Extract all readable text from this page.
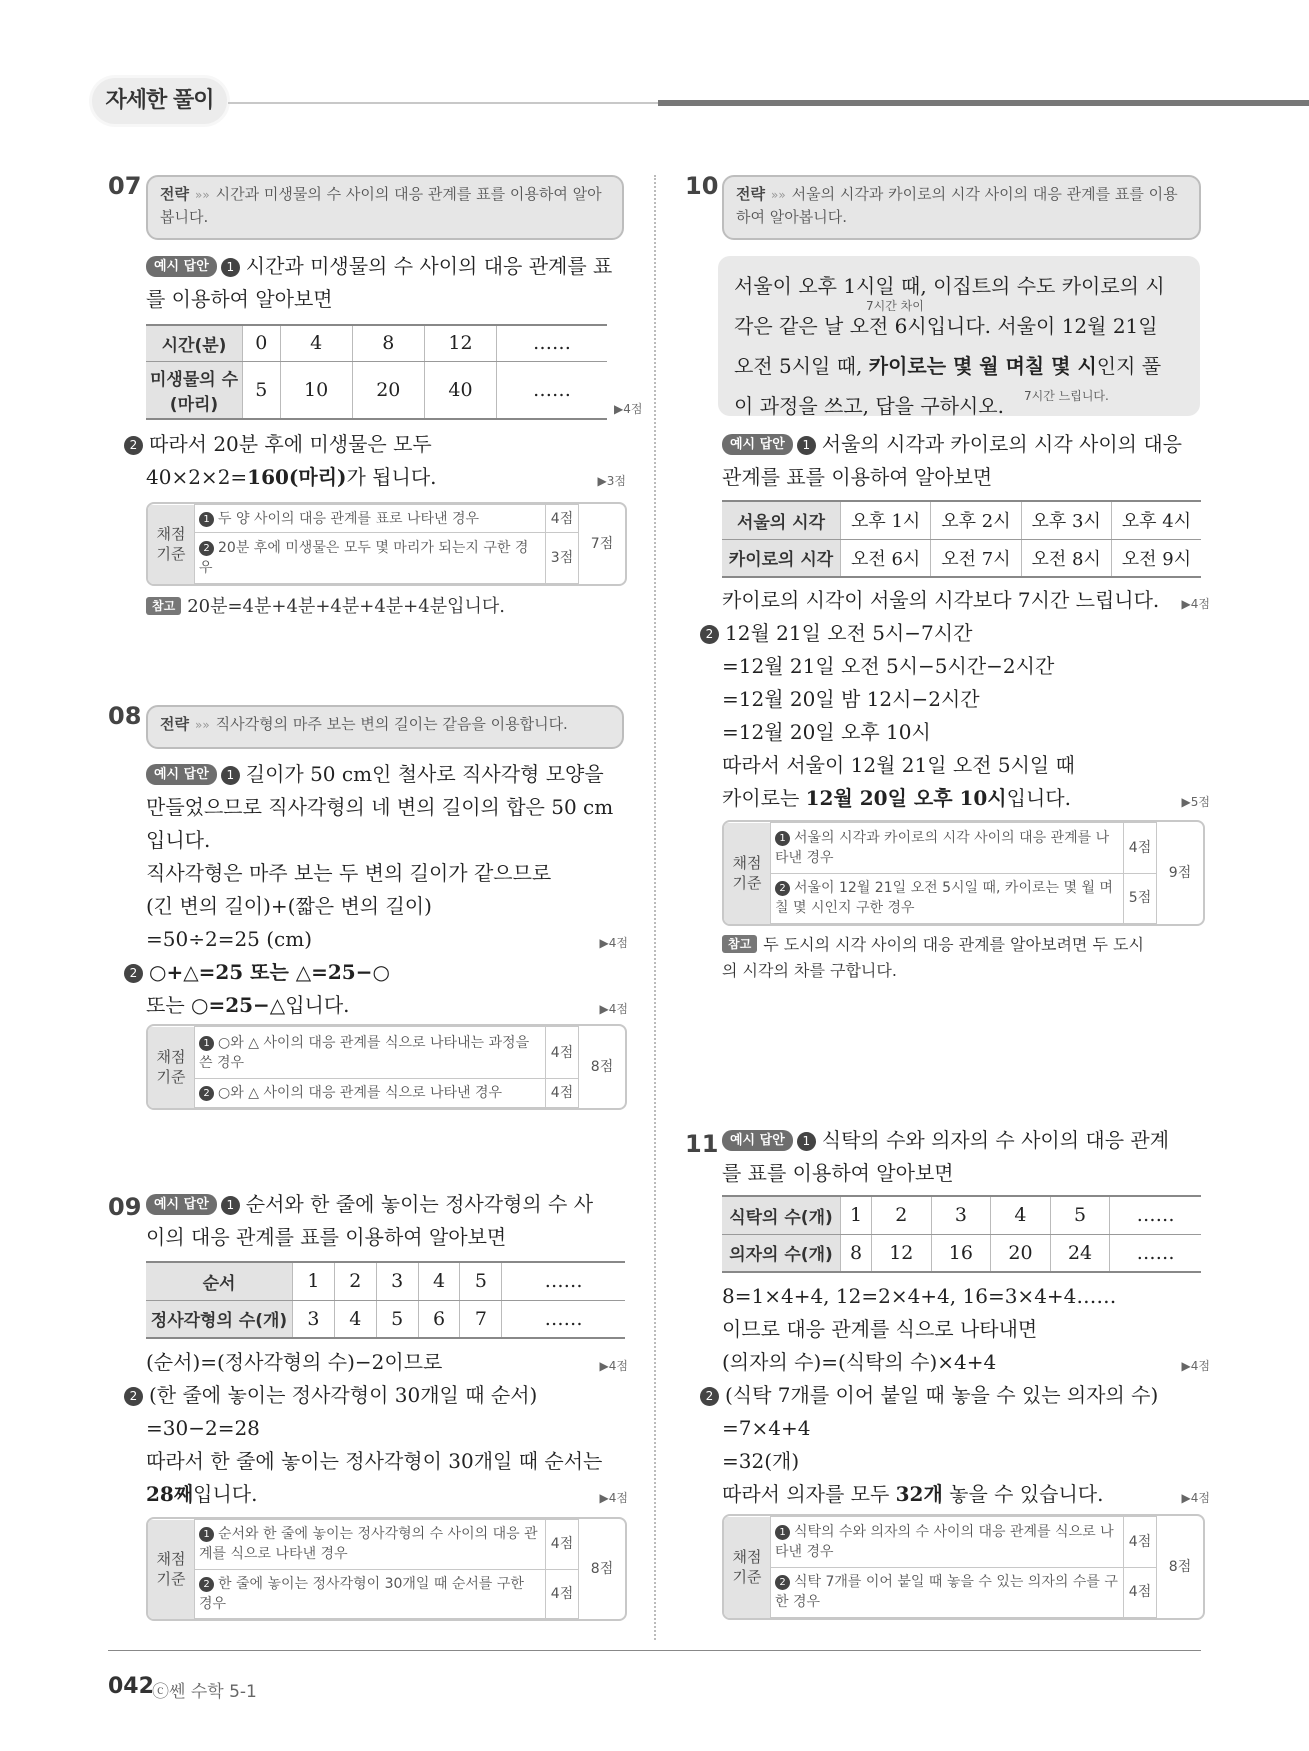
자세한 풀이
07	전략 »» 시간과 미생물의 수 사이의 대응 관계를 표를 이용하여 알아봅니다.

예시 답안 1 시간과 미생물의 수 사이의 대응 관계를 표를 이용하여 알아보면

시간(분)	0	4	8	12	……
미생물의 수(마리)	5	10	20	40	……
▶4점

2 따라서 20분 후에 미생물은 모두

40×2×2=160(마리)가 됩니다.	▶3점

채점 기준	1 두 양 사이의 대응 관계를 표로 나타낸 경우	4점	7점
	2 20분 후에 미생물은 모두 몇 마리가 되는지 구한 경우	3점	
참고 20분=4분+4분+4분+4분+4분입니다.
08	전략 »» 직사각형의 마주 보는 변의 길이는 같음을 이용합니다.

예시 답안 1 길이가 50 cm인 철사로 직사각형 모양을

만들었으므로 직사각형의 네 변의 길이의 합은 50 cm

입니다.

직사각형은 마주 보는 두 변의 길이가 같으므로

(긴 변의 길이)+(짧은 변의 길이)

=50÷2=25 (cm)	▶4점

2 ○+△=25 또는 △=25−○

또는 ○=25−△입니다.	▶4점

채점 기준	1 ○와 △ 사이의 대응 관계를 식으로 나타내는 과정을 쓴 경우	4점	8점
	2 ○와 △ 사이의 대응 관계를 식으로 나타낸 경우	4점	
09 예시 답안 1 순서와 한 줄에 놓이는 정사각형의 수 사

이의 대응 관계를 표를 이용하여 알아보면

순서	1	2	3	4	5	……
정사각형의 수(개)	3	4	5	6	7	……

(순서)=(정사각형의 수)−2이므로	▶4점

2 (한 줄에 놓이는 정사각형이 30개일 때 순서)

=30−2=28

따라서 한 줄에 놓이는 정사각형이 30개일 때 순서는

28째입니다.	▶4점

채점 기준	1 순서와 한 줄에 놓이는 정사각형의 수 사이의 대응 관계를 식으로 나타낸 경우	4점	8점
	2 한 줄에 놓이는 정사각형이 30개일 때 순서를 구한 경우	4점	
10	전략 »» 서울의 시각과 카이로의 시각 사이의 대응 관계를 표를 이용하여 알아봅니다.

서울이 오후 1시일 때, 이집트의 수도 카이로의 시

각은 같은 날 오전 6시입니다. 서울이 12월 21일
7시간 차이

오전 5시일 때, 카이로는 몇 월 며칠 몇 시인지 풀

이 과정을 쓰고, 답을 구하시오. 7시간 느립니다.

예시 답안 1 서울의 시각과 카이로의 시각 사이의 대응

관계를 표를 이용하여 알아보면

서울의 시각	오후 1시	오후 2시	오후 3시	오후 4시
카이로의 시각	오전 6시	오전 7시	오전 8시	오전 9시

카이로의 시각이 서울의 시각보다 7시간 느립니다. ▶4점

2 12월 21일 오전 5시−7시간

=12월 21일 오전 5시−5시간−2시간

=12월 20일 밤 12시−2시간

=12월 20일 오후 10시

따라서 서울이 12월 21일 오전 5시일 때

카이로는 12월 20일 오후 10시입니다.	▶5점

채점 기준	1 서울의 시각과 카이로의 시각 사이의 대응 관계를 나타낸 경우	4점	9점
	2 서울이 12월 21일 오전 5시일 때, 카이로는 몇 월 며칠 몇 시인지 구한 경우	5점	
참고 두 도시의 시각 사이의 대응 관계를 알아보려면 두 도시
의 시각의 차를 구합니다.
11 예시 답안 1 식탁의 수와 의자의 수 사이의 대응 관계

를 표를 이용하여 알아보면

식탁의 수(개)	1	2	3	4	5	……
의자의 수(개)	8	12	16	20	24	……

8=1×4+4, 12=2×4+4, 16=3×4+4……

이므로 대응 관계를 식으로 나타내면

(의자의 수)=(식탁의 수)×4+4	▶4점

2 (식탁 7개를 이어 붙일 때 놓을 수 있는 의자의 수)

=7×4+4

=32(개)

따라서 의자를 모두 32개 놓을 수 있습니다.	▶4점

채점 기준	1 식탁의 수와 의자의 수 사이의 대응 관계를 식으로 나타낸 경우	4점	8점
	2 식탁 7개를 이어 붙일 때 놓을 수 있는 의자의 수를 구한 경우	4점	
042
ⓒ쎈 수학 5-1
